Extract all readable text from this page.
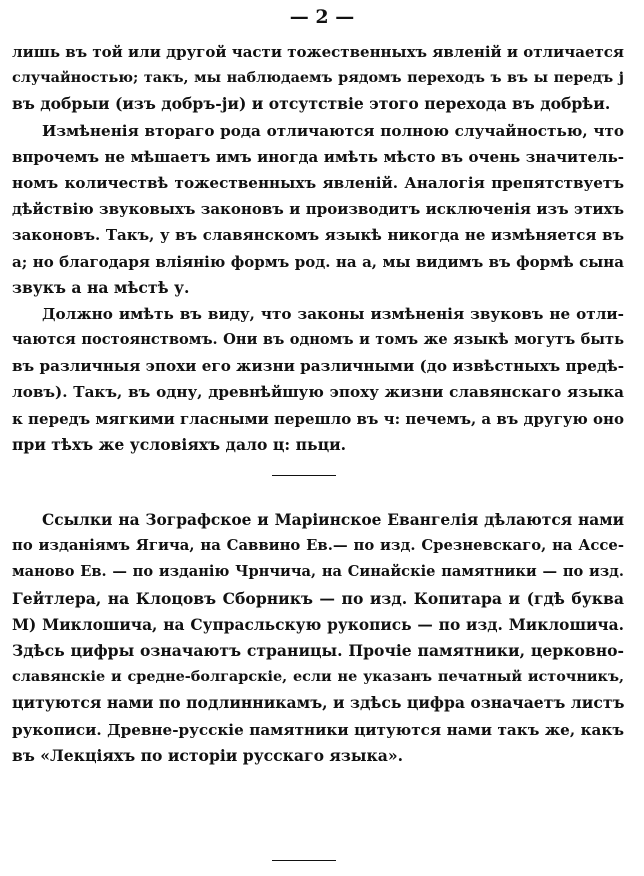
— 2 —
лишь въ той или другой части тожественныхъ явленій и отличается
случайностью; такъ, мы наблюдаемъ рядомъ переходъ ъ въ ы передъ j
въ добрыи (изъ добръ-ји) и отсутствіе этого перехода въ добрѣи.
Измѣненія втораго рода отличаются полною случайностью, что
впрочемъ не мѣшаетъ имъ иногда имѣть мѣсто въ очень значитель-
номъ количествѣ тожественныхъ явленій. Аналогія препятствуетъ
дѣйствію звуковыхъ законовъ и производитъ исключенія изъ этихъ
законовъ. Такъ, у въ славянскомъ языкѣ никогда не измѣняется въ
а; но благодаря вліянію формъ род. на а, мы видимъ въ формѣ сына
звукъ а на мѣстѣ у.
Должно имѣть въ виду, что законы измѣненія звуковъ не отли-
чаются постоянствомъ. Они въ одномъ и томъ же языкѣ могутъ быть
въ различныя эпохи его жизни различными (до извѣстныхъ предѣ-
ловъ). Такъ, въ одну, древнѣйшую эпоху жизни славянскаго языка
к передъ мягкими гласными перешло въ ч: печемъ, а въ другую оно
при тѣхъ же условіяхъ дало ц: пьци.
Ссылки на Зографское и Маріинское Евангелія дѣлаются нами
по изданіямъ Ягича, на Саввино Ев.— по изд. Срезневскаго, на Ассе-
маново Ев. — по изданію Чрнчича, на Синайскіе памятники — по изд.
Гейтлера, на Клоцовъ Сборникъ — по изд. Копитара и (гдѣ буква
М) Миклошича, на Супрасльскую рукопись — по изд. Миклошича.
Здѣсь цифры означаютъ страницы. Прочіе памятники, церковно-
славянскіе и средне-болгарскіе, если не указанъ печатный источникъ,
цитуются нами по подлинникамъ, и здѣсь цифра означаетъ листъ
рукописи. Древне-русскіе памятники цитуются нами такъ же, какъ
въ «Лекціяхъ по исторіи русскаго языка».
